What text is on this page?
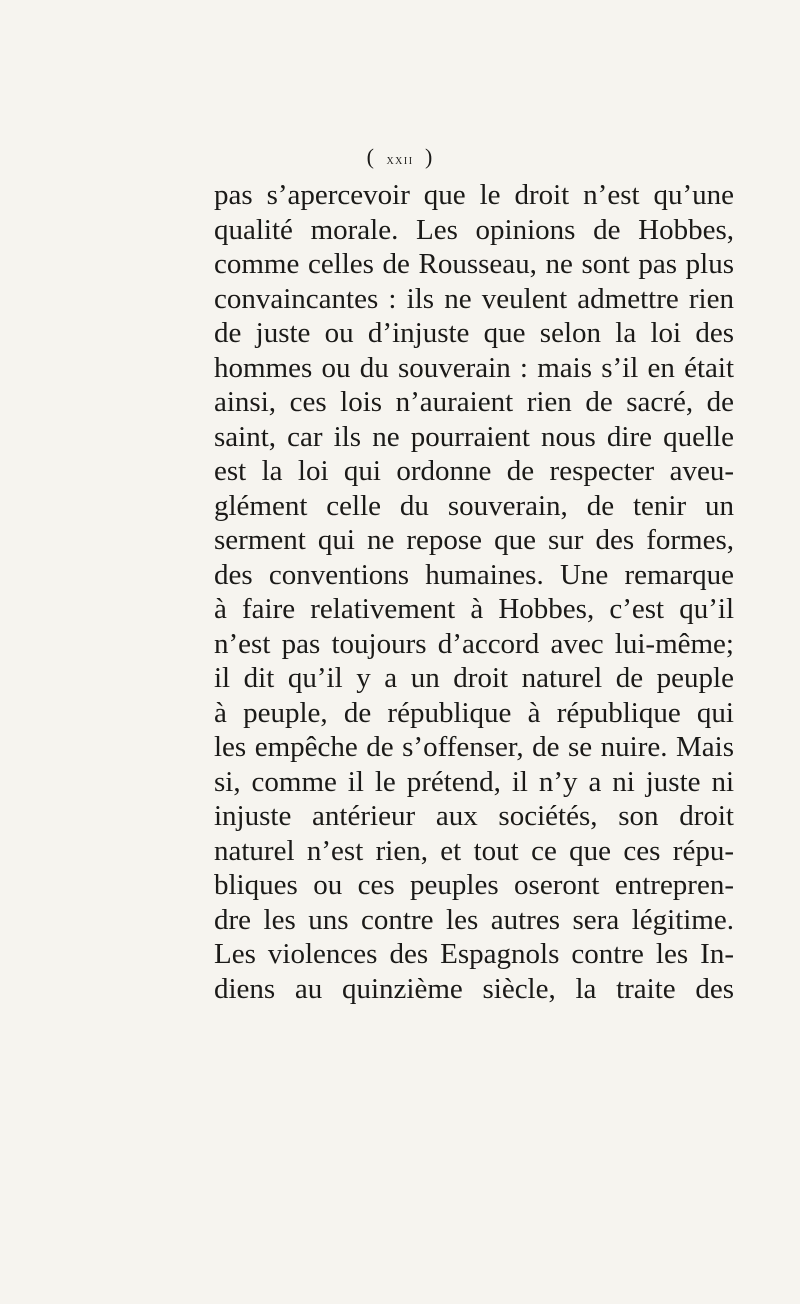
( xxii )
pas s’apercevoir que le droit n’est qu’une
qualité morale. Les opinions de Hobbes,
comme celles de Rousseau, ne sont pas plus
convaincantes : ils ne veulent admettre rien
de juste ou d’injuste que selon la loi des
hommes ou du souverain : mais s’il en était
ainsi, ces lois n’auraient rien de sacré, de
saint, car ils ne pourraient nous dire quelle
est la loi qui ordonne de respecter aveu-
glément celle du souverain, de tenir un
serment qui ne repose que sur des formes,
des conventions humaines. Une remarque
à faire relativement à Hobbes, c’est qu’il
n’est pas toujours d’accord avec lui-même;
il dit qu’il y a un droit naturel de peuple
à peuple, de république à république qui
les empêche de s’offenser, de se nuire. Mais
si, comme il le prétend, il n’y a ni juste ni
injuste antérieur aux sociétés, son droit
naturel n’est rien, et tout ce que ces répu-
bliques ou ces peuples oseront entrepren-
dre les uns contre les autres sera légitime.
Les violences des Espagnols contre les In-
diens au quinzième siècle, la traite des
